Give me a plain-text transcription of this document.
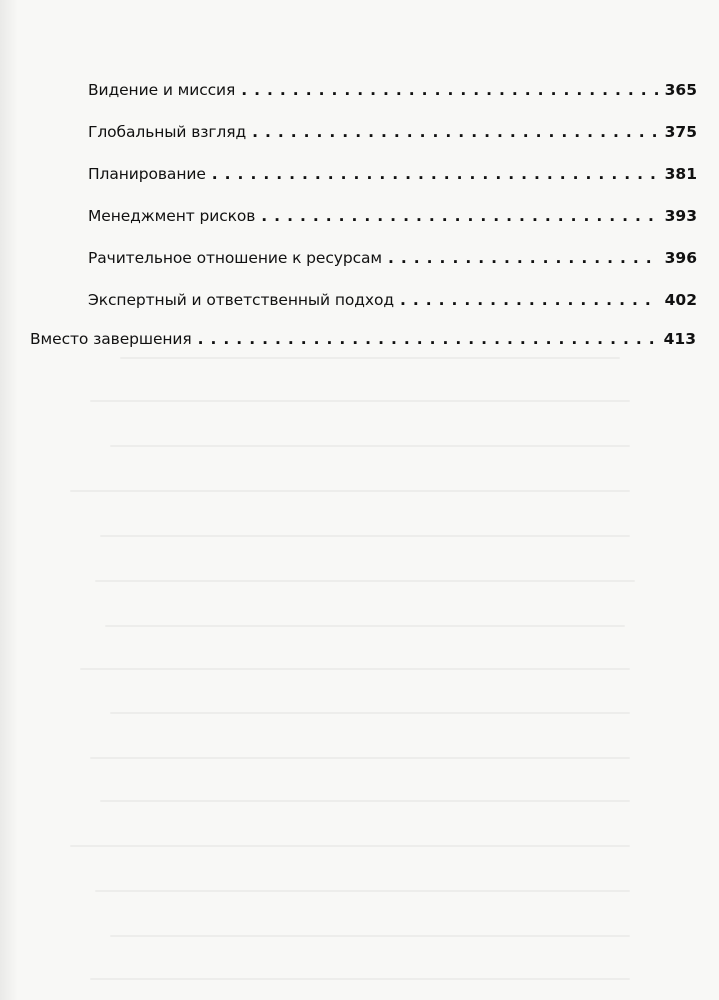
Видение и миссия .....	365
Глобальный взгляд .....	375
Планирование .....	381
Менеджмент рисков .....	393
Рачительное отношение к ресурсам .....	396
Экспертный и ответственный подход .....	402
Вместо завершения .....	413
